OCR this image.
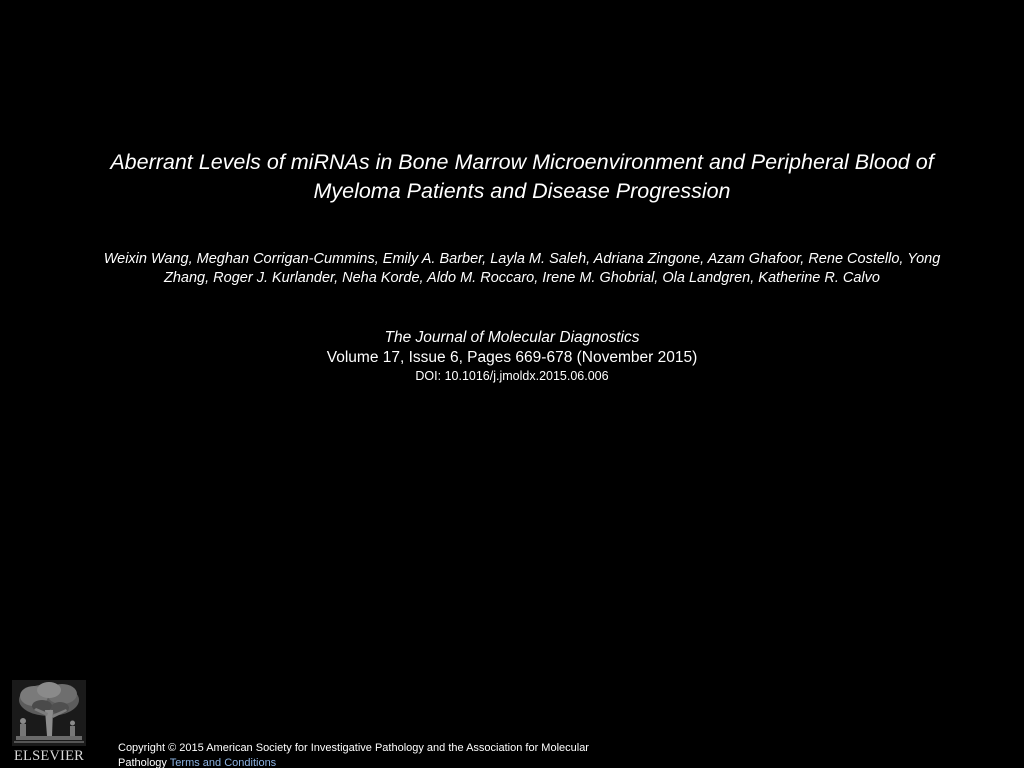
Aberrant Levels of miRNAs in Bone Marrow Microenvironment and Peripheral Blood of
Myeloma Patients and Disease Progression
Weixin Wang, Meghan Corrigan-Cummins, Emily A. Barber, Layla M. Saleh, Adriana Zingone, Azam Ghafoor, Rene Costello, Yong
Zhang, Roger J. Kurlander, Neha Korde, Aldo M. Roccaro, Irene M. Ghobrial, Ola Landgren, Katherine R. Calvo
The Journal of Molecular Diagnostics
Volume 17, Issue 6, Pages 669-678 (November 2015)
DOI: 10.1016/j.jmoldx.2015.06.006
ELSEVIER	Copyright © 2015 American Society for Investigative Pathology and the Association for Molecular
Pathology Terms and Conditions
